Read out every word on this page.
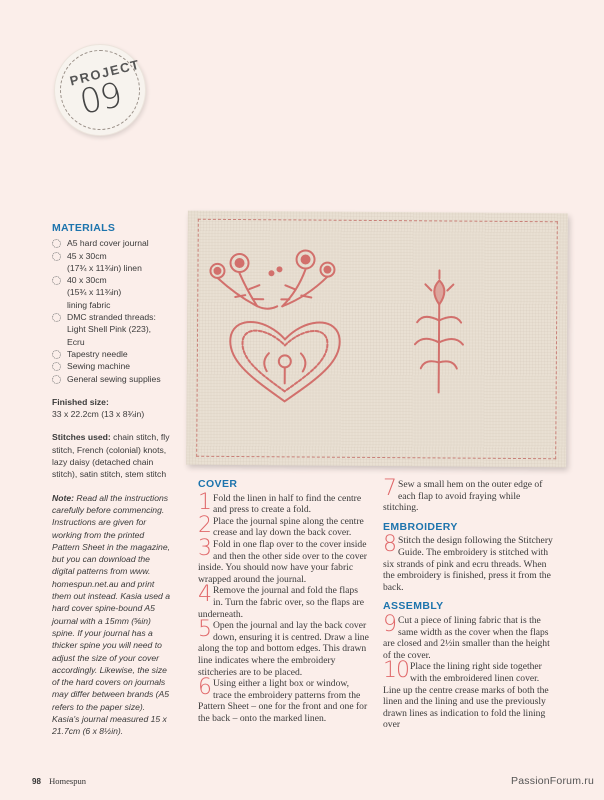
PROJECT
09
MATERIALS
A5 hard cover journal
45 x 30cm
(17¾ x 11¾in) linen
40 x 30cm
(15¾ x 11¾in)
lining fabric
DMC stranded threads:
Light Shell Pink (223),
Ecru
Tapestry needle
Sewing machine
General sewing supplies
Finished size:
33 x 22.2cm (13 x 8¾in)
Stitches used: chain stitch, fly stitch, French (colonial) knots, lazy daisy (detached chain stitch), satin stitch, stem stitch
Note: Read all the instructions carefully before commencing. Instructions are given for working from the printed Pattern Sheet in the magazine, but you can download the digital patterns from www. homespun.net.au and print them out instead. Kasia used a hard cover spine-bound A5 journal with a 15mm (⅝in) spine. If your journal has a thicker spine you will need to adjust the size of your cover accordingly. Likewise, the size of the hard covers on journals may differ between brands (A5 refers to the paper size). Kasia's journal measured 15 x 21.7cm (6 x 8½in).
COVER
1 Fold the linen in half to find the centre and press to create a fold.

2 Place the journal spine along the centre crease and lay down the back cover.

3 Fold in one flap over to the cover inside and then the other side over to the cover inside. You should now have your fabric wrapped around the journal.

4 Remove the journal and fold the flaps in. Turn the fabric over, so the flaps are underneath.

5 Open the journal and lay the back cover down, ensuring it is centred. Draw a line along the top and bottom edges. This drawn line indicates where the embroidery stitcheries are to be placed.

6 Using either a light box or window, trace the embroidery patterns from the Pattern Sheet – one for the front and one for the back – onto the marked linen.

7 Sew a small hem on the outer edge of each flap to avoid fraying while stitching.

EMBROIDERY
8 Stitch the design following the Stitchery Guide. The embroidery is stitched with six strands of pink and ecru threads. When the embroidery is finished, press it from the back.

ASSEMBLY
9 Cut a piece of lining fabric that is the same width as the cover when the flaps are closed and 2½in smaller than the height of the cover.

10 Place the lining right side together with the embroidered linen cover. Line up the centre crease marks of both the linen and the lining and use the previously drawn lines as indication to fold the lining over

98 Homespun	PassionForum.ru
